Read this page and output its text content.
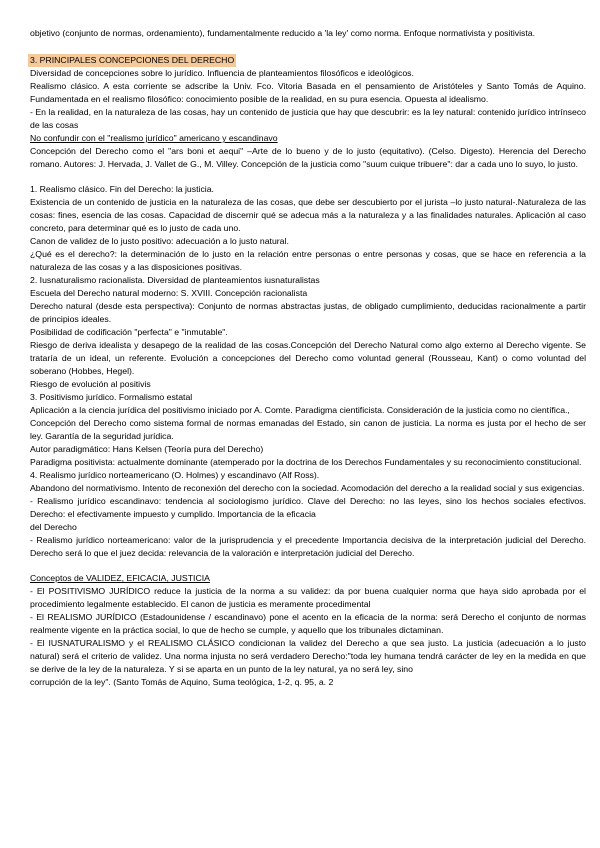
objetivo (conjunto de normas, ordenamiento), fundamentalmente reducido a 'la ley' como norma. Enfoque normativista y positivista.

3. PRINCIPALES CONCEPCIONES DEL DERECHO

Diversidad de concepciones sobre lo jurídico. Influencia de planteamientos filosóficos e ideológicos.

Realismo clásico. A esta corriente se adscribe la Univ. Fco. Vitoria Basada en el pensamiento de Aristóteles y Santo Tomás de Aquino. Fundamentada en el realismo filosófico: conocimiento posible de la realidad, en su pura esencia. Opuesta al idealismo.

- En la realidad, en la naturaleza de las cosas, hay un contenido de justicia que hay que descubrir: es la ley natural: contenido jurídico intrínseco de las cosas

No confundir con el "realismo jurídico" americano y escandinavo

Concepción del Derecho como el "ars boni et aequi" –Arte de lo bueno y de lo justo (equitativo). (Celso. Digesto). Herencia del Derecho romano. Autores: J. Hervada, J. Vallet de G., M. Villey. Concepción de la justicia como "suum cuique tribuere": dar a cada uno lo suyo, lo justo.

1. Realismo clásico. Fin del Derecho: la justicia.

Existencia de un contenido de justicia en la naturaleza de las cosas, que debe ser descubierto por el jurista –lo justo natural-.Naturaleza de las cosas: fines, esencia de las cosas. Capacidad de discernir qué se adecua más a la naturaleza y a las finalidades naturales. Aplicación al caso concreto, para determinar qué es lo justo de cada uno.

Canon de validez de lo justo positivo: adecuación a lo justo natural.

¿Qué es el derecho?: la determinación de lo justo en la relación entre personas o entre personas y cosas, que se hace en referencia a la naturaleza de las cosas y a las disposiciones positivas.

2. Iusnaturalismo racionalista. Diversidad de planteamientos iusnaturalistas

Escuela del Derecho natural moderno: S. XVIII. Concepción racionalista

Derecho natural (desde esta perspectiva): Conjunto de normas abstractas justas, de obligado cumplimiento, deducidas racionalmente a partir de principios ideales.

Posibilidad de codificación "perfecta" e "inmutable".

Riesgo de deriva idealista y desapego de la realidad de las cosas.Concepción del Derecho Natural como algo externo al Derecho vigente. Se trataría de un ideal, un referente. Evolución a concepciones del Derecho como voluntad general (Rousseau, Kant) o como voluntad del soberano (Hobbes, Hegel).

Riesgo de evolución al positivis

3. Positivismo jurídico. Formalismo estatal

Aplicación a la ciencia jurídica del positivismo iniciado por A. Comte. Paradigma cientificista. Consideración de la justicia como no científica.,

Concepción del Derecho como sistema formal de normas emanadas del Estado, sin canon de justicia. La norma es justa por el hecho de ser ley. Garantía de la seguridad jurídica.

Autor paradigmático: Hans Kelsen (Teoría pura del Derecho)

Paradigma positivista: actualmente dominante (atemperado por la doctrina de los Derechos Fundamentales y su reconocimiento constitucional.

4. Realismo jurídico norteamericano (O. Holmes) y escandinavo (Alf Ross).

Abandono del normativismo. Intento de reconexión del derecho con la sociedad. Acomodación del derecho a la realidad social y sus exigencias.

- Realismo jurídico escandinavo: tendencia al sociologismo jurídico. Clave del Derecho: no las leyes, sino los hechos sociales efectivos. Derecho: el efectivamente impuesto y cumplido. Importancia de la eficacia

del Derecho

- Realismo jurídico norteamericano: valor de la jurisprudencia y el precedente Importancia decisiva de la interpretación judicial del Derecho. Derecho será lo que el juez decida: relevancia de la valoración e interpretación judicial del Derecho.

Conceptos de VALIDEZ, EFICACIA, JUSTICIA

- El POSITIVISMO JURÍDICO reduce la justicia de la norma a su validez: da por buena cualquier norma que haya sido aprobada por el procedimiento legalmente establecido. El canon de justicia es meramente procedimental

- El REALISMO JURÍDICO (Estadounidense / escandinavo) pone el acento en la eficacia de la norma: será Derecho el conjunto de normas realmente vigente en la práctica social, lo que de hecho se cumple, y aquello que los tribunales dictaminan.

- El IUSNATURALISMO y el REALISMO CLÁSICO condicionan la validez del Derecho a que sea justo. La justicia (adecuación a lo justo natural) será el criterio de validez. Una norma injusta no será verdadero Derecho:"toda ley humana tendrá carácter de ley en la medida en que se derive de la ley de la naturaleza. Y si se aparta en un punto de la ley natural, ya no será ley, sino

corrupción de la ley". (Santo Tomás de Aquino, Suma teológica, 1-2, q. 95, a. 2
